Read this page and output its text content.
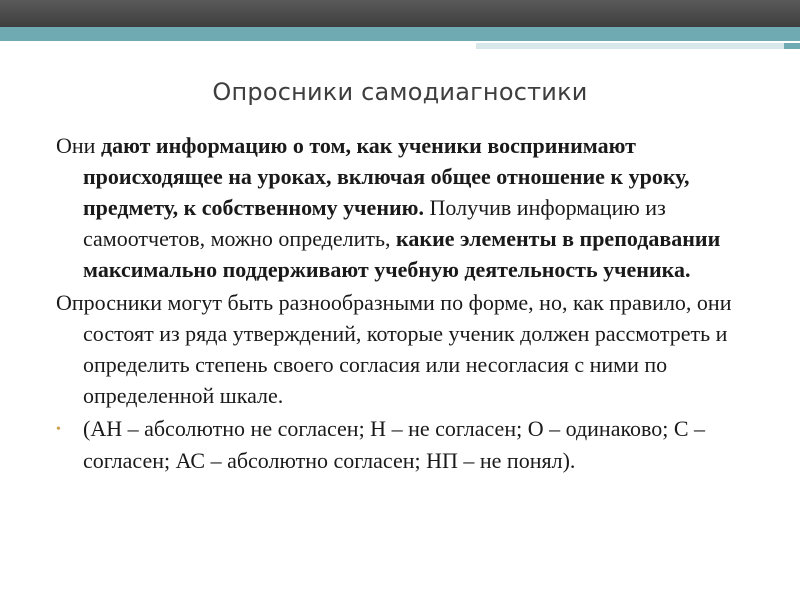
Опросники самодиагностики

Они дают информацию о том, как ученики воспринимают происходящее на уроках, включая общее отношение к уроку, предмету, к собственному учению. Получив информацию из самоотчетов, можно определить, какие элементы в преподавании максимально поддерживают учебную деятельность ученика.

Опросники могут быть разнообразными по форме, но, как правило, они состоят из ряда утверждений, которые ученик должен рассмотреть и определить степень своего согласия или несогласия с ними по определенной шкале.

• (АН – абсолютно не согласен; Н – не согласен; О – одинаково; С – согласен; АС – абсолютно согласен; НП – не понял).
